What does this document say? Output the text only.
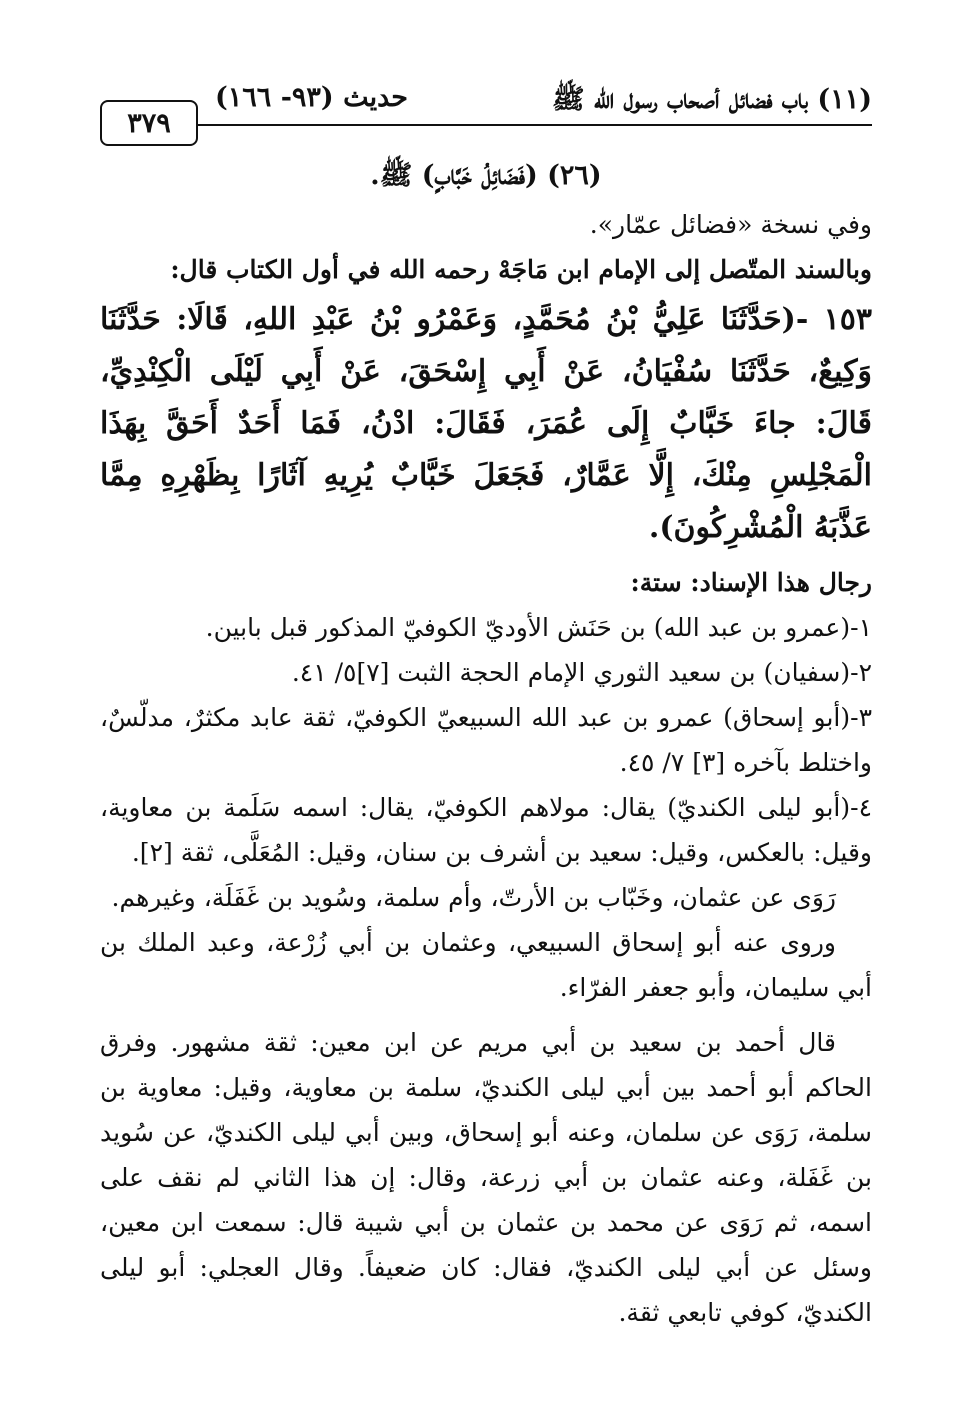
(١١) باب فضائل أصحاب رسول الله ﷺ
حديث (٩٣- ١٦٦)
٣٧٩
(٢٦) (فَضَائِلُ خَبَّابٍ) ﷺ.

وفي نسخة «فضائل عمّار».

وبالسند المتّصل إلى الإمام ابن مَاجَهْ رحمه الله في أول الكتاب قال:

١٥٣ -(حَدَّثَنَا عَلِيُّ بْنُ مُحَمَّدٍ، وَعَمْرُو بْنُ عَبْدِ اللهِ، قَالَا: حَدَّثَنَا وَكِيعٌ، حَدَّثَنَا سُفْيَانُ، عَنْ أَبِي إِسْحَقَ، عَنْ أَبِي لَيْلَى الْكِنْدِيِّ، قَالَ: جاءَ خَبَّابٌ إِلَى عُمَرَ، فَقَالَ: ادْنُ، فَمَا أَحَدٌ أَحَقَّ بِهَذَا الْمَجْلِسِ مِنْكَ، إِلَّا عَمَّارٌ، فَجَعَلَ خَبَّابٌ يُرِيهِ آثَارًا بِظَهْرِهِ مِمَّا عَذَّبَهُ الْمُشْرِكُونَ).

رجال هذا الإسناد: ستة:

١-(عمرو بن عبد الله) بن حَنَش الأوديّ الكوفيّ المذكور قبل بابين.

٢-(سفيان) بن سعيد الثوري الإمام الحجة الثبت [٧]٥/ ٤١.

٣-(أبو إسحاق) عمرو بن عبد الله السبيعيّ الكوفيّ، ثقة عابد مكثرٌ، مدلّسٌ، واختلط بآخره [٣] ٧/ ٤٥.

٤-(أبو ليلى الكنديّ) يقال: مولاهم الكوفيّ، يقال: اسمه سَلَمة بن معاوية، وقيل: بالعكس، وقيل: سعيد بن أشرف بن سنان، وقيل: المُعَلَّى، ثقة [٢].

رَوَى عن عثمان، وخَبّاب بن الأرتّ، وأم سلمة، وسُويد بن غَفَلَة، وغيرهم.

وروى عنه أبو إسحاق السبيعي، وعثمان بن أبي زُرْعة، وعبد الملك بن أبي سليمان، وأبو جعفر الفرّاء.

قال أحمد بن سعيد بن أبي مريم عن ابن معين: ثقة مشهور. وفرق الحاكم أبو أحمد بين أبي ليلى الكنديّ، سلمة بن معاوية، وقيل: معاوية بن سلمة، رَوَى عن سلمان، وعنه أبو إسحاق، وبين أبي ليلى الكنديّ، عن سُويد بن غَفَلة، وعنه عثمان بن أبي زرعة، وقال: إن هذا الثاني لم نقف على اسمه، ثم رَوَى عن محمد بن عثمان بن أبي شيبة قال: سمعت ابن معين، وسئل عن أبي ليلى الكنديّ، فقال: كان ضعيفاً. وقال العجلي: أبو ليلى الكنديّ، كوفي تابعي ثقة.
